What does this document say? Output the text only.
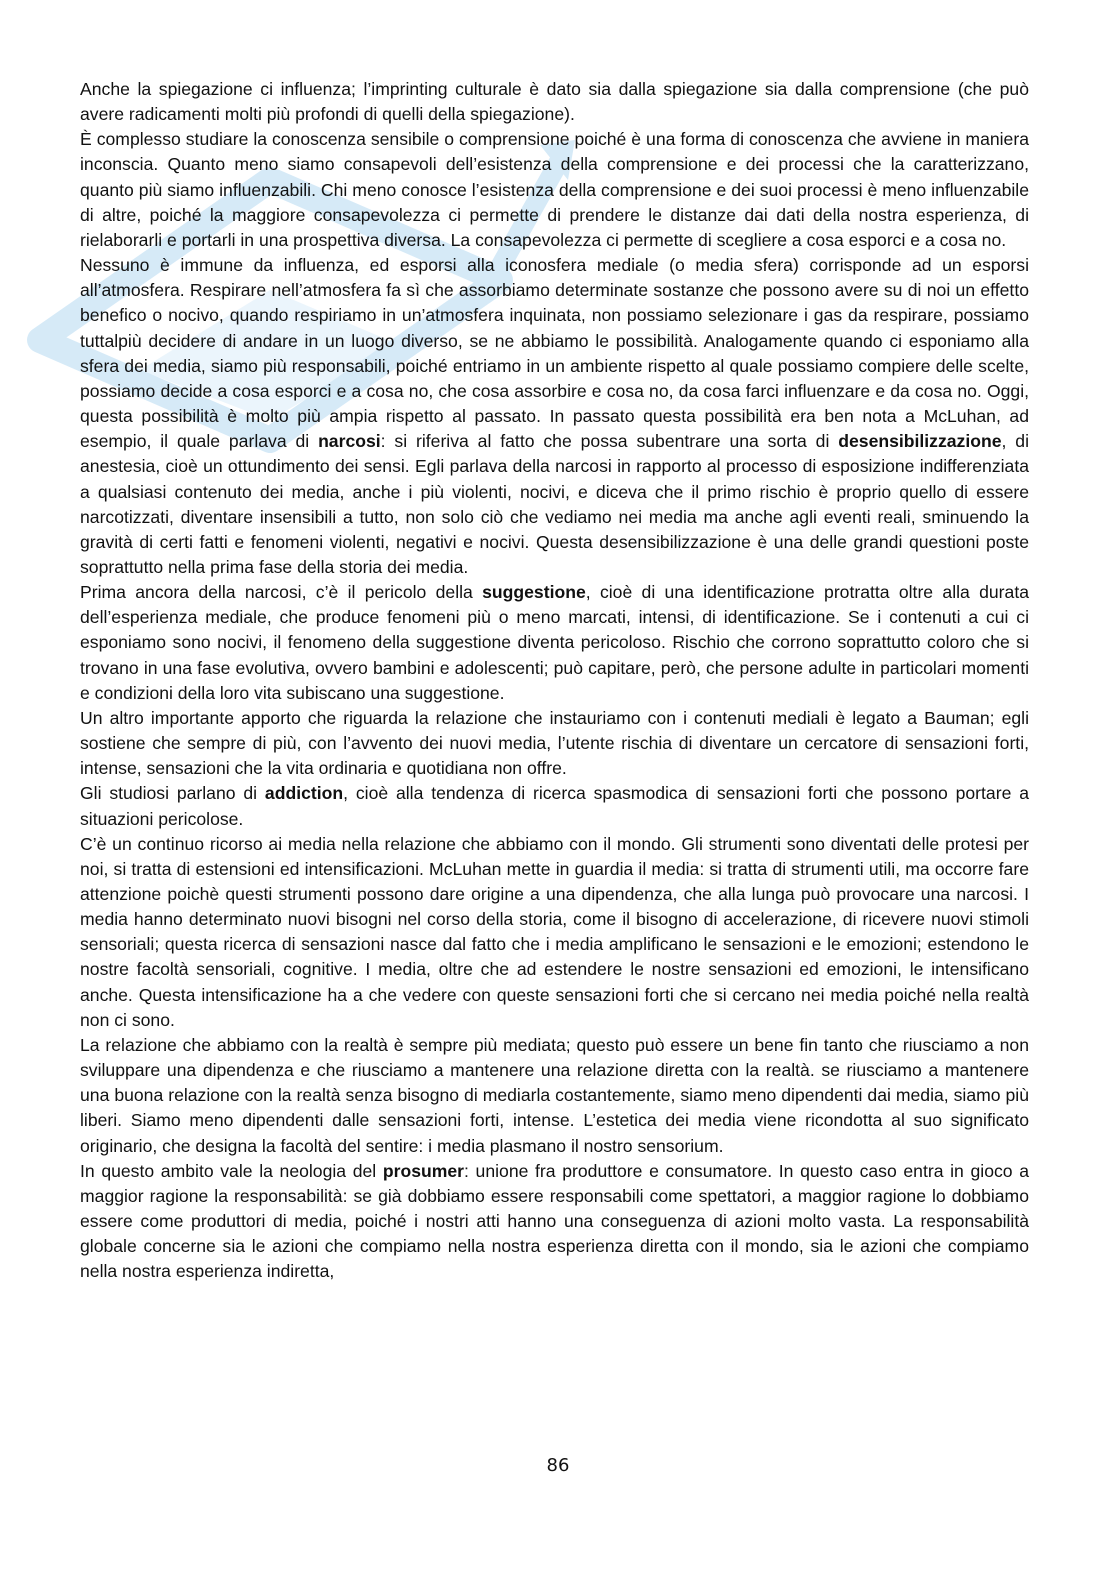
Anche la spiegazione ci influenza; l’imprinting culturale è dato sia dalla spiegazione sia dalla comprensione (che può avere radicamenti molti più profondi di quelli della spiegazione).

È complesso studiare la conoscenza sensibile o comprensione poiché è una forma di conoscenza che avviene in maniera inconscia. Quanto meno siamo consapevoli dell’esistenza della comprensione e dei processi che la caratterizzano, quanto più siamo influenzabili. Chi meno conosce l’esistenza della comprensione e dei suoi processi è meno influenzabile di altre, poiché la maggiore consapevolezza ci permette di prendere le distanze dai dati della nostra esperienza, di rielaborarli e portarli in una prospettiva diversa. La consapevolezza ci permette di scegliere a cosa esporci e a cosa no.

Nessuno è immune da influenza, ed esporsi alla iconosfera mediale (o media sfera) corrisponde ad un esporsi all’atmosfera. Respirare nell’atmosfera fa sì che assorbiamo determinate sostanze che possono avere su di noi un effetto benefico o nocivo, quando respiriamo in un’atmosfera inquinata, non possiamo selezionare i gas da respirare, possiamo tuttalpiù decidere di andare in un luogo diverso, se ne abbiamo le possibilità. Analogamente quando ci esponiamo alla sfera dei media, siamo più responsabili, poiché entriamo in un ambiente rispetto al quale possiamo compiere delle scelte, possiamo decide a cosa esporci e a cosa no, che cosa assorbire e cosa no, da cosa farci influenzare e da cosa no. Oggi, questa possibilità è molto più ampia rispetto al passato. In passato questa possibilità era ben nota a McLuhan, ad esempio, il quale parlava di narcosi: si riferiva al fatto che possa subentrare una sorta di desensibilizzazione, di anestesia, cioè un ottundimento dei sensi. Egli parlava della narcosi in rapporto al processo di esposizione indifferenziata a qualsiasi contenuto dei media, anche i più violenti, nocivi, e diceva che il primo rischio è proprio quello di essere narcotizzati, diventare insensibili a tutto, non solo ciò che vediamo nei media ma anche agli eventi reali, sminuendo la gravità di certi fatti e fenomeni violenti, negativi e nocivi. Questa desensibilizzazione è una delle grandi questioni poste soprattutto nella prima fase della storia dei media.

Prima ancora della narcosi, c’è il pericolo della suggestione, cioè di una identificazione protratta oltre alla durata dell’esperienza mediale, che produce fenomeni più o meno marcati, intensi, di identificazione. Se i contenuti a cui ci esponiamo sono nocivi, il fenomeno della suggestione diventa pericoloso. Rischio che corrono soprattutto coloro che si trovano in una fase evolutiva, ovvero bambini e adolescenti; può capitare, però, che persone adulte in particolari momenti e condizioni della loro vita subiscano una suggestione.

Un altro importante apporto che riguarda la relazione che instauriamo con i contenuti mediali è legato a Bauman; egli sostiene che sempre di più, con l’avvento dei nuovi media, l’utente rischia di diventare un cercatore di sensazioni forti, intense, sensazioni che la vita ordinaria e quotidiana non offre.

Gli studiosi parlano di addiction, cioè alla tendenza di ricerca spasmodica di sensazioni forti che possono portare a situazioni pericolose.

C’è un continuo ricorso ai media nella relazione che abbiamo con il mondo. Gli strumenti sono diventati delle protesi per noi, si tratta di estensioni ed intensificazioni. McLuhan mette in guardia il media: si tratta di strumenti utili, ma occorre fare attenzione poichè questi strumenti possono dare origine a una dipendenza, che alla lunga può provocare una narcosi. I media hanno determinato nuovi bisogni nel corso della storia, come il bisogno di accelerazione, di ricevere nuovi stimoli sensoriali; questa ricerca di sensazioni nasce dal fatto che i media amplificano le sensazioni e le emozioni; estendono le nostre facoltà sensoriali, cognitive. I media, oltre che ad estendere le nostre sensazioni ed emozioni, le intensificano anche. Questa intensificazione ha a che vedere con queste sensazioni forti che si cercano nei media poiché nella realtà non ci sono.

La relazione che abbiamo con la realtà è sempre più mediata; questo può essere un bene fin tanto che riusciamo a non sviluppare una dipendenza e che riusciamo a mantenere una relazione diretta con la realtà. se riusciamo a mantenere una buona relazione con la realtà senza bisogno di mediarla costantemente, siamo meno dipendenti dai media, siamo più liberi. Siamo meno dipendenti dalle sensazioni forti, intense. L’estetica dei media viene ricondotta al suo significato originario, che designa la facoltà del sentire: i media plasmano il nostro sensorium.

In questo ambito vale la neologia del prosumer: unione fra produttore e consumatore. In questo caso entra in gioco a maggior ragione la responsabilità: se già dobbiamo essere responsabili come spettatori, a maggior ragione lo dobbiamo essere come produttori di media, poiché i nostri atti hanno una conseguenza di azioni molto vasta. La responsabilità globale concerne sia le azioni che compiamo nella nostra esperienza diretta con il mondo, sia le azioni che compiamo nella nostra esperienza indiretta,

86
